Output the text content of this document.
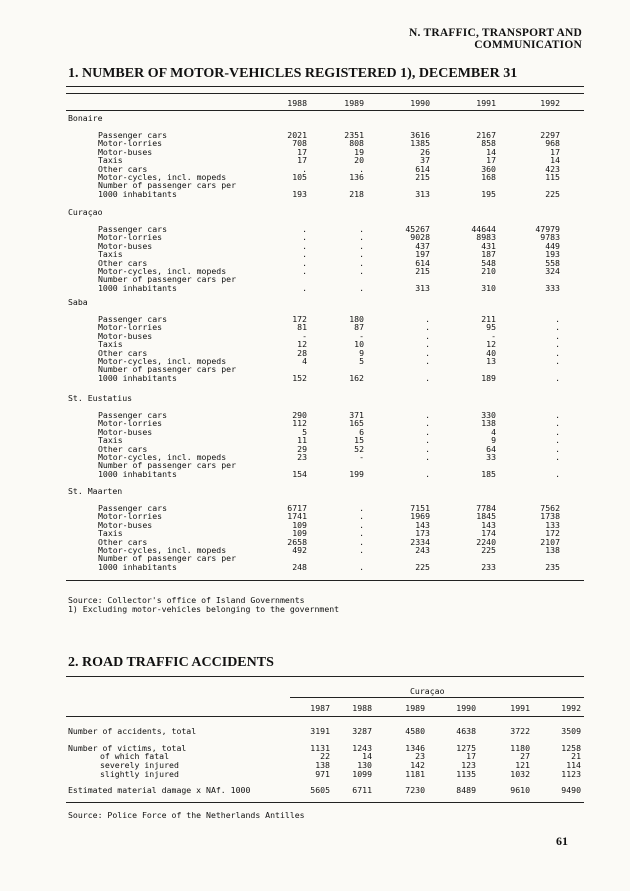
N. TRAFFIC, TRANSPORT AND COMMUNICATION
1. NUMBER OF MOTOR-VEHICLES REGISTERED 1), DECEMBER 31
1988	1989	1990	1991	1992
Bonaire
Passenger cars	2021	2351	3616	2167	2297
Motor-lorries	708	808	1385	858	968
Motor-buses	17	19	26	14	17
Taxis	17	20	37	17	14
Other cars	.	.	614	360	423
Motor-cycles, incl. mopeds	105	136	215	168	115
Number of passenger cars per
1000 inhabitants	193	218	313	195	225
Curaçao
Passenger cars	.	.	45267	44644	47979
Motor-lorries	.	.	9028	8983	9783
Motor-buses	.	.	437	431	449
Taxis	.	.	197	187	193
Other cars	.	.	614	548	558
Motor-cycles, incl. mopeds	.	.	215	210	324
Number of passenger cars per
1000 inhabitants	.	.	313	310	333
Saba
Passenger cars	172	180	.	211	.
Motor-lorries	81	87	.	95	.
Motor-buses	-	-	.	-	.
Taxis	12	10	.	12	.
Other cars	28	9	.	40	.
Motor-cycles, incl. mopeds	4	5	.	13	.
Number of passenger cars per
1000 inhabitants	152	162	.	189	.
St. Eustatius
Passenger cars	290	371	.	330	.
Motor-lorries	112	165	.	138	.
Motor-buses	5	6	.	4	.
Taxis	11	15	.	9	.
Other cars	29	52	.	64	.
Motor-cycles, incl. mopeds	23	-	.	33	.
Number of passenger cars per
1000 inhabitants	154	199	.	185	.
St. Maarten
Passenger cars	6717	.	7151	7784	7562
Motor-lorries	1741	.	1969	1845	1738
Motor-buses	109	.	143	143	133
Taxis	109	.	173	174	172
Other cars	2658	.	2334	2240	2107
Motor-cycles, incl. mopeds	492	.	243	225	138
Number of passenger cars per
1000 inhabitants	248	.	225	233	235
Source: Collector's office of Island Governments
1) Excluding motor-vehicles belonging to the government
2. ROAD TRAFFIC ACCIDENTS
Curaçao
1987	1988	1989	1990	1991	1992
Number of accidents, total	3191	3287	4580	4638	3722	3509
Number of victims, total	1131	1243	1346	1275	1180	1258
of which fatal	22	14	23	17	27	21
severely injured	138	130	142	123	121	114
slightly injured	971	1099	1181	1135	1032	1123
Estimated material damage x NAf. 1000	5605	6711	7230	8489	9610	9490
Source: Police Force of the Netherlands Antilles
61
